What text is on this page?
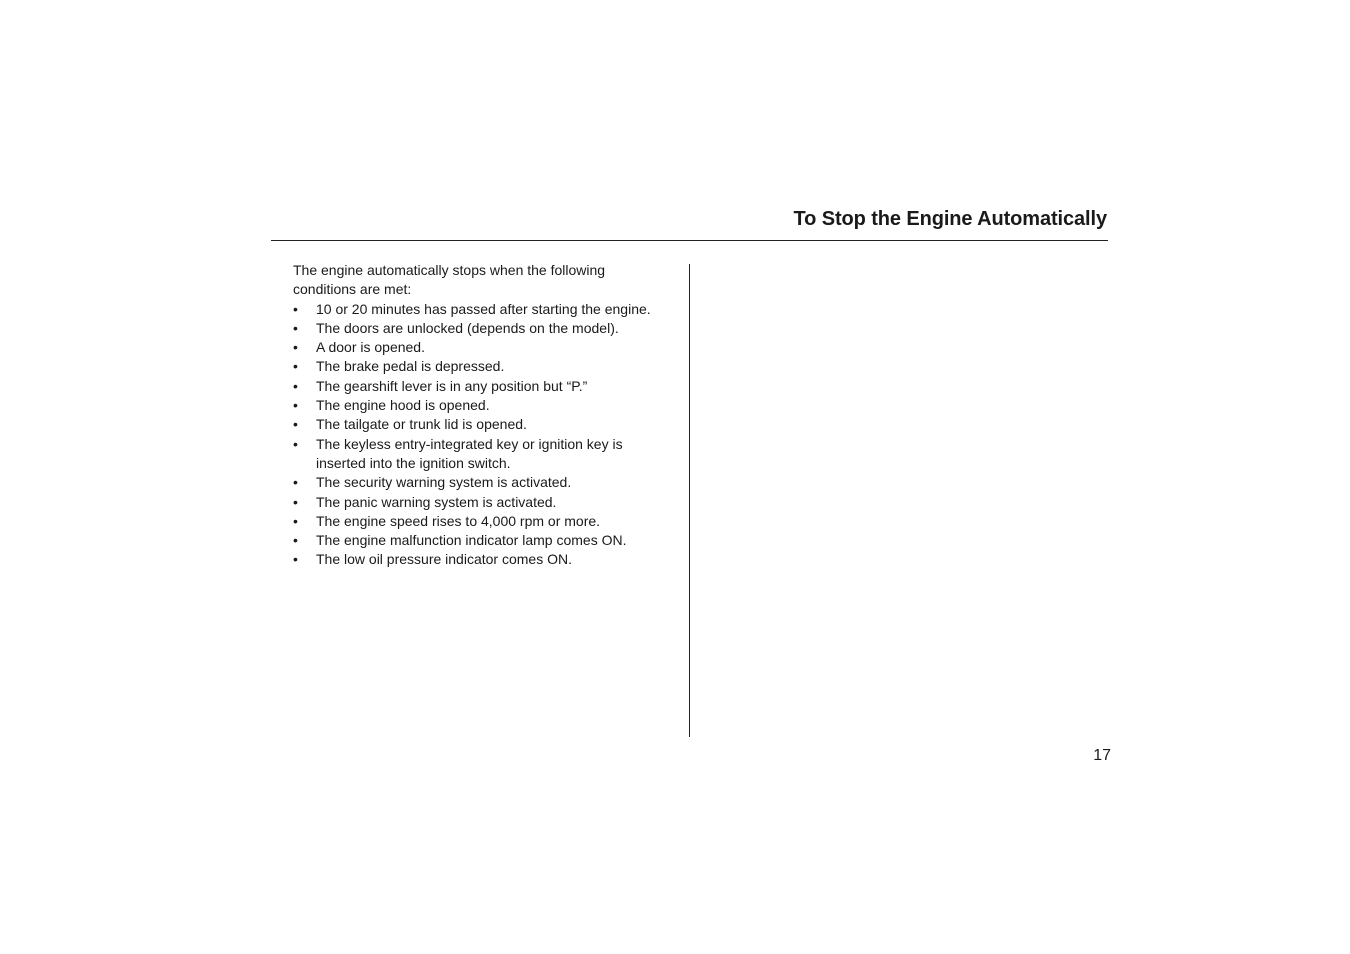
To Stop the Engine Automatically

The engine automatically stops when the following conditions are met:

• 10 or 20 minutes has passed after starting the engine.
• The doors are unlocked (depends on the model).
• A door is opened.
• The brake pedal is depressed.
• The gearshift lever is in any position but “P.”
• The engine hood is opened.
• The tailgate or trunk lid is opened.
• The keyless entry-integrated key or ignition key is inserted into the ignition switch.
• The security warning system is activated.
• The panic warning system is activated.
• The engine speed rises to 4,000 rpm or more.
• The engine malfunction indicator lamp comes ON.
• The low oil pressure indicator comes ON.
17
